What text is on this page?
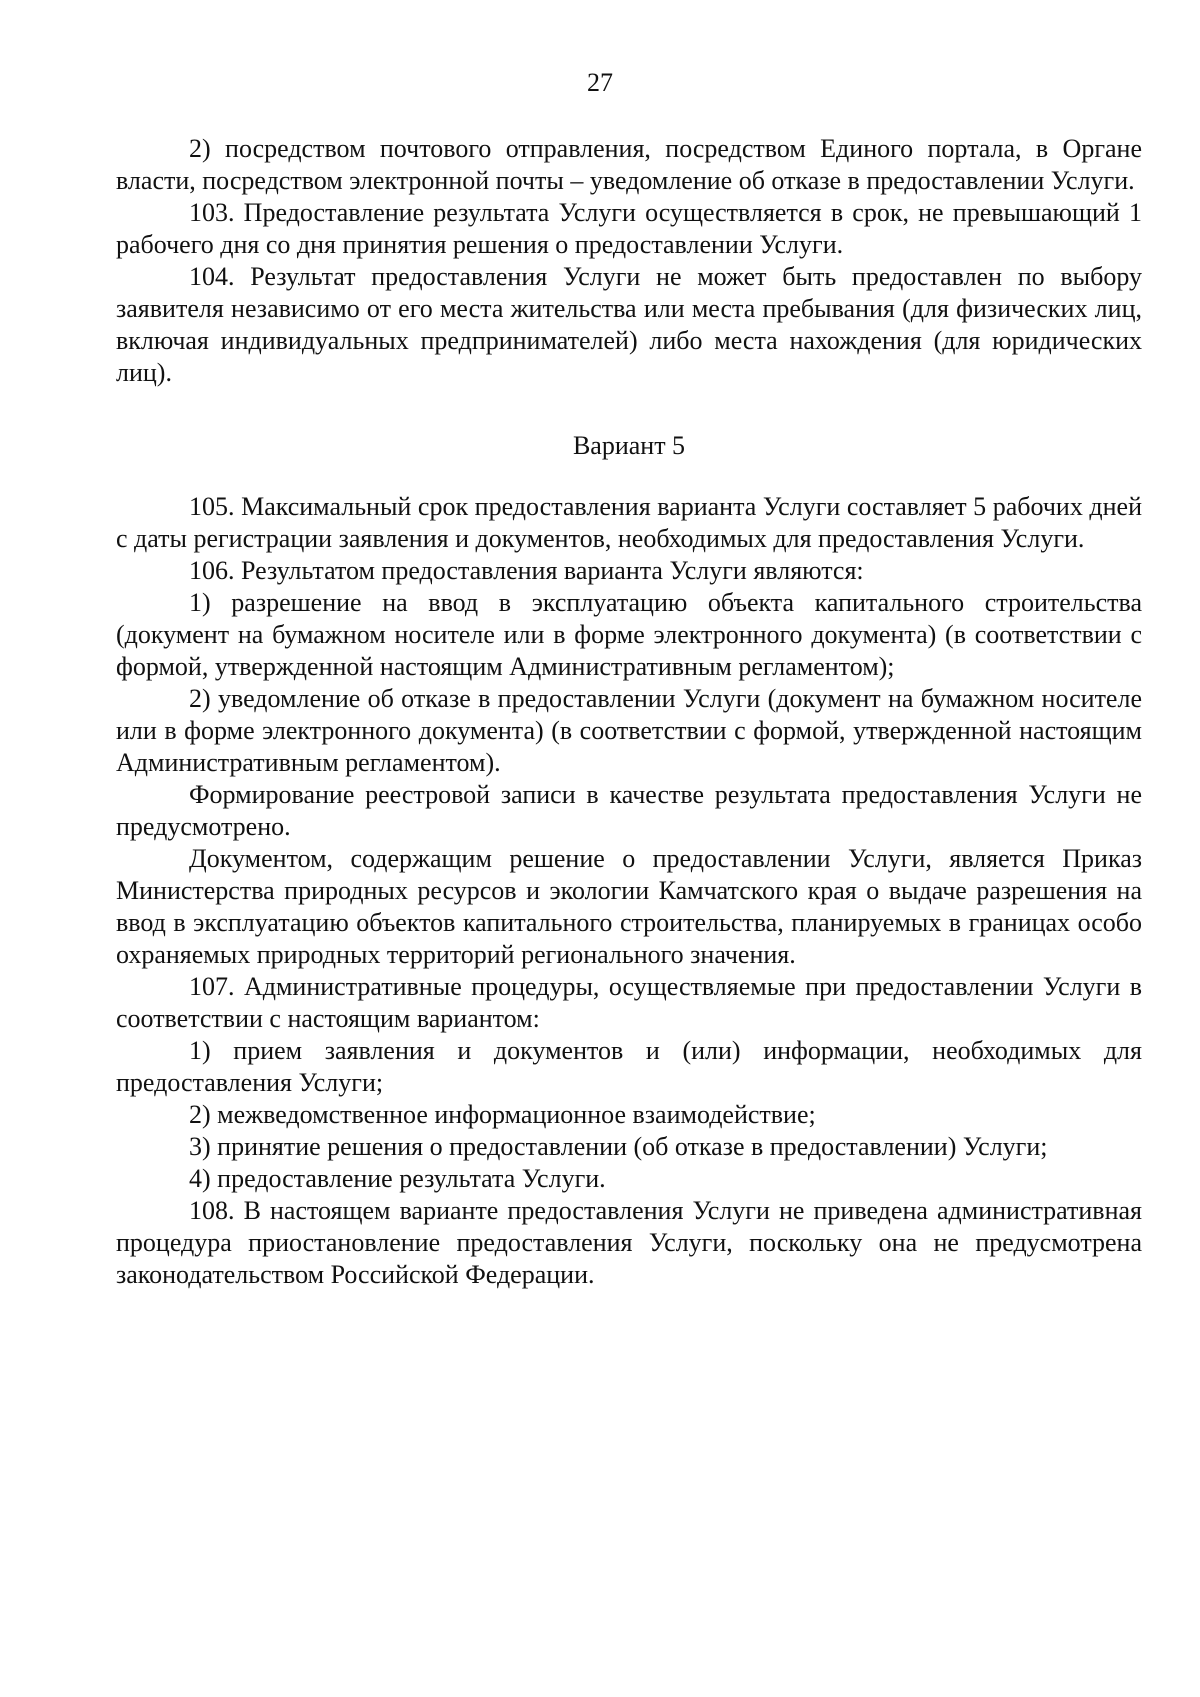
27

2) посредством почтового отправления, посредством Единого портала, в Органе власти, посредством электронной почты – уведомление об отказе в предоставлении Услуги.

103. Предоставление результата Услуги осуществляется в срок, не превышающий 1 рабочего дня со дня принятия решения о предоставлении Услуги.

104. Результат предоставления Услуги не может быть предоставлен по выбору заявителя независимо от его места жительства или места пребывания (для физических лиц, включая индивидуальных предпринимателей) либо места нахождения (для юридических лиц).

Вариант 5

105. Максимальный срок предоставления варианта Услуги составляет 5 рабочих дней с даты регистрации заявления и документов, необходимых для предоставления Услуги.

106. Результатом предоставления варианта Услуги являются:

1) разрешение на ввод в эксплуатацию объекта капитального строительства (документ на бумажном носителе или в форме электронного документа) (в соответствии с формой, утвержденной настоящим Административным регламентом);

2) уведомление об отказе в предоставлении Услуги (документ на бумажном носителе или в форме электронного документа) (в соответствии с формой, утвержденной настоящим Административным регламентом).

Формирование реестровой записи в качестве результата предоставления Услуги не предусмотрено.

Документом, содержащим решение о предоставлении Услуги, является Приказ Министерства природных ресурсов и экологии Камчатского края о выдаче разрешения на ввод в эксплуатацию объектов капитального строительства, планируемых в границах особо охраняемых природных территорий регионального значения.

107. Административные процедуры, осуществляемые при предоставлении Услуги в соответствии с настоящим вариантом:

1) прием заявления и документов и (или) информации, необходимых для предоставления Услуги;

2) межведомственное информационное взаимодействие;

3) принятие решения о предоставлении (об отказе в предоставлении) Услуги;

4) предоставление результата Услуги.

108. В настоящем варианте предоставления Услуги не приведена административная процедура приостановление предоставления Услуги, поскольку она не предусмотрена законодательством Российской Федерации.
